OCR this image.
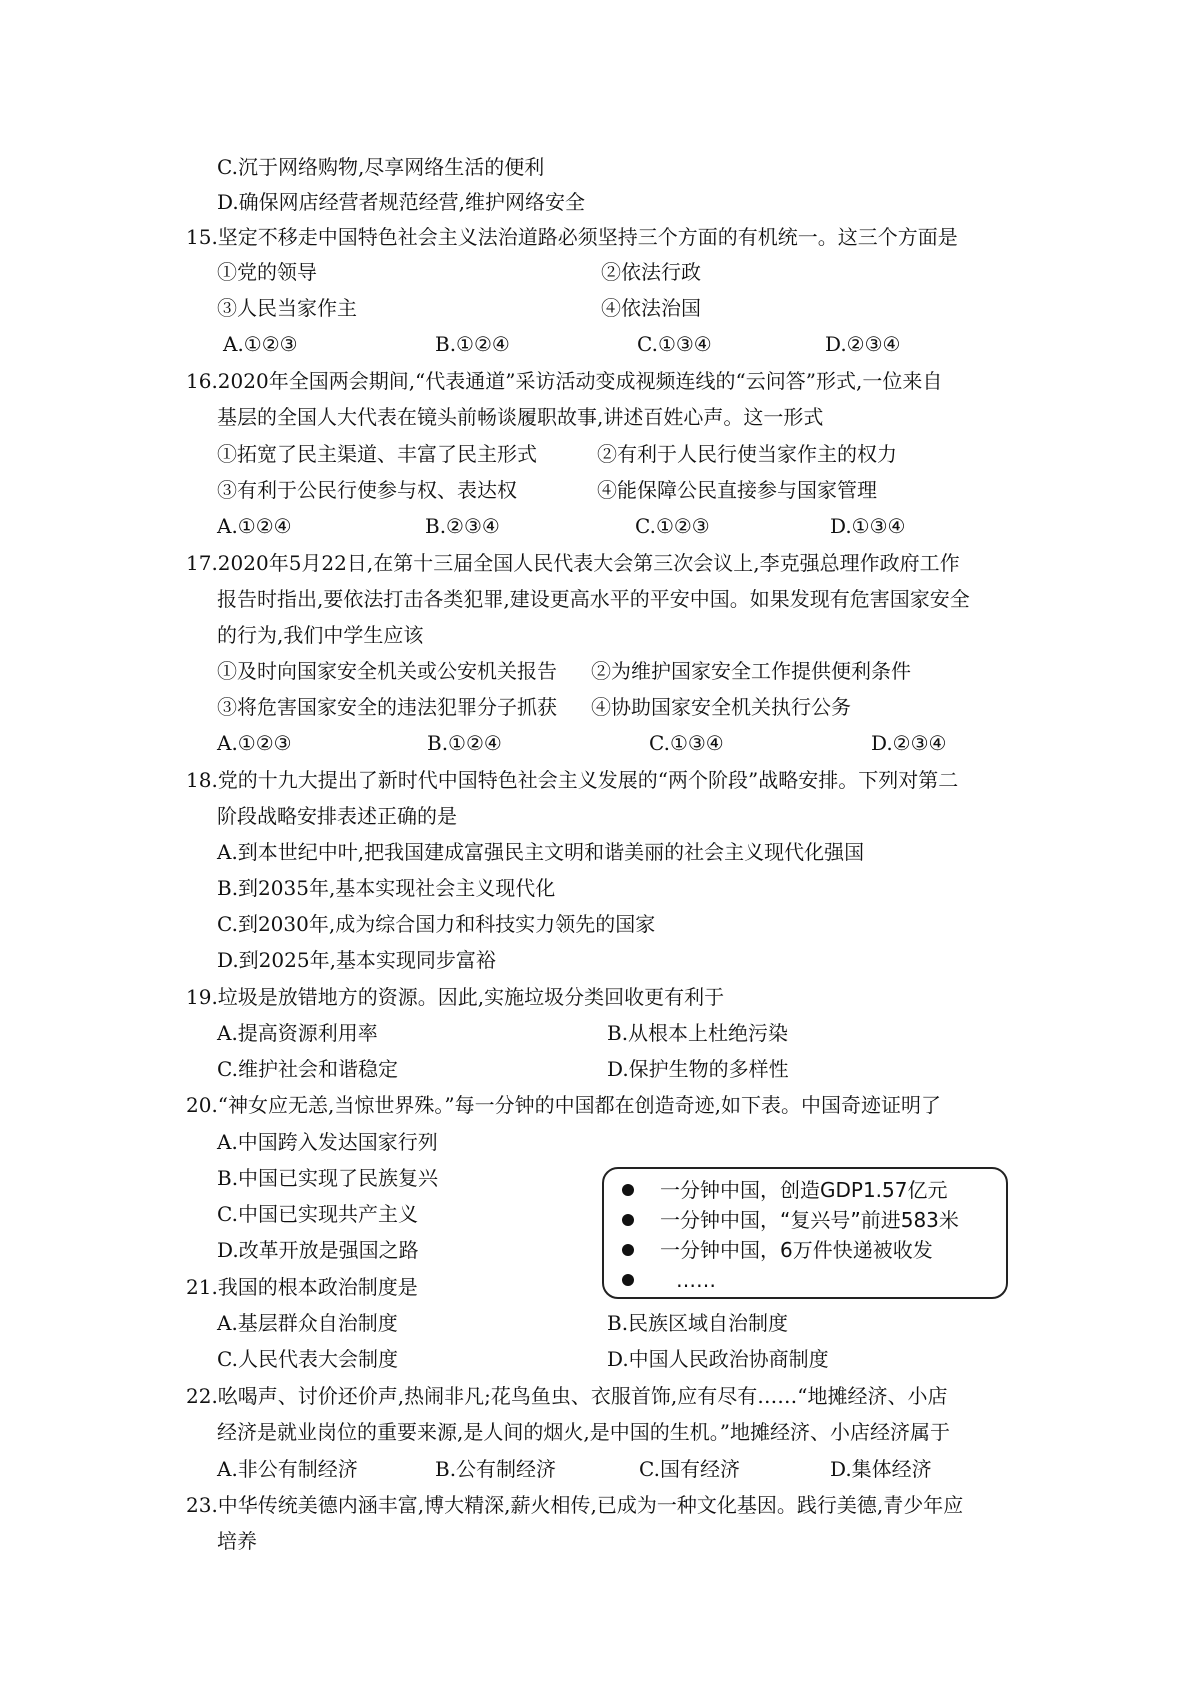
C.沉于网络购物,尽享网络生活的便利
D.确保网店经营者规范经营,维护网络安全
15.坚定不移走中国特色社会主义法治道路必须坚持三个方面的有机统一。这三个方面是
①党的领导	②依法行政
③人民当家作主	④依法治国
A.①②③	B.①②④	C.①③④	D.②③④
16.2020年全国两会期间,“代表通道”采访活动变成视频连线的“云问答”形式,一位来自
基层的全国人大代表在镜头前畅谈履职故事,讲述百姓心声。这一形式
①拓宽了民主渠道、丰富了民主形式	②有利于人民行使当家作主的权力
③有利于公民行使参与权、表达权	④能保障公民直接参与国家管理
A.①②④	B.②③④	C.①②③	D.①③④
17.2020年5月22日,在第十三届全国人民代表大会第三次会议上,李克强总理作政府工作
报告时指出,要依法打击各类犯罪,建设更高水平的平安中国。如果发现有危害国家安全
的行为,我们中学生应该
①及时向国家安全机关或公安机关报告 ②为维护国家安全工作提供便利条件
③将危害国家安全的违法犯罪分子抓获 ④协助国家安全机关执行公务
A.①②③	B.①②④	C.①③④	D.②③④
18.党的十九大提出了新时代中国特色社会主义发展的“两个阶段”战略安排。下列对第二
阶段战略安排表述正确的是
A.到本世纪中叶,把我国建成富强民主文明和谐美丽的社会主义现代化强国
B.到2035年,基本实现社会主义现代化
C.到2030年,成为综合国力和科技实力领先的国家
D.到2025年,基本实现同步富裕
19.垃圾是放错地方的资源。因此,实施垃圾分类回收更有利于
A.提高资源利用率	B.从根本上杜绝污染
C.维护社会和谐稳定	D.保护生物的多样性
20.“神女应无恙,当惊世界殊。”每一分钟的中国都在创造奇迹,如下表。中国奇迹证明了
A.中国跨入发达国家行列
B.中国已实现了民族复兴
C.中国已实现共产主义
D.改革开放是强国之路
一分钟中国，创造GDP1.57亿元
一分钟中国，“复兴号”前进583米
一分钟中国，6万件快递被收发
……
21.我国的根本政治制度是
A.基层群众自治制度	B.民族区域自治制度
C.人民代表大会制度	D.中国人民政治协商制度
22.吆喝声、讨价还价声,热闹非凡;花鸟鱼虫、衣服首饰,应有尽有……“地摊经济、小店
经济是就业岗位的重要来源,是人间的烟火,是中国的生机。”地摊经济、小店经济属于
A.非公有制经济	B.公有制经济	C.国有经济	D.集体经济
23.中华传统美德内涵丰富,博大精深,薪火相传,已成为一种文化基因。践行美德,青少年应
培养
